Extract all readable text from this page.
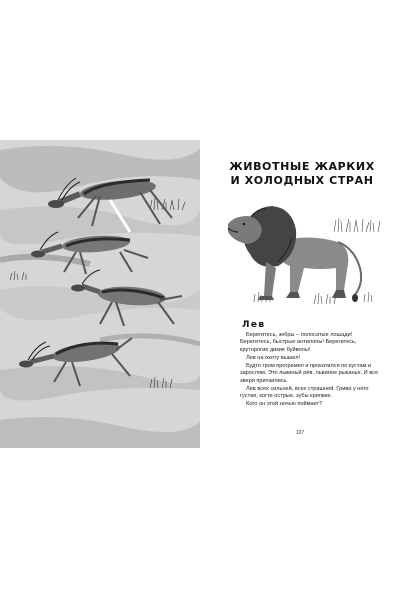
ЖИВОТНЫЕ ЖАРКИХ
И ХОЛОДНЫХ СТРАН
Лев

Берегитесь, зебры – полосатые лошади! Берегитесь, быстрые антилопы! Берегитесь, круторогие дикие буйволы!

Лев на охоту вышел!

Будто гром прогремел и прокатился по кустам и зарослям. Это львиный рёв, львиное рыканье. И все звери притаились.

Лев всех сильней, всех страшней. Грива у него густая, когти острые, зубы крепкие.

Кого он этой ночью поймает?

107
